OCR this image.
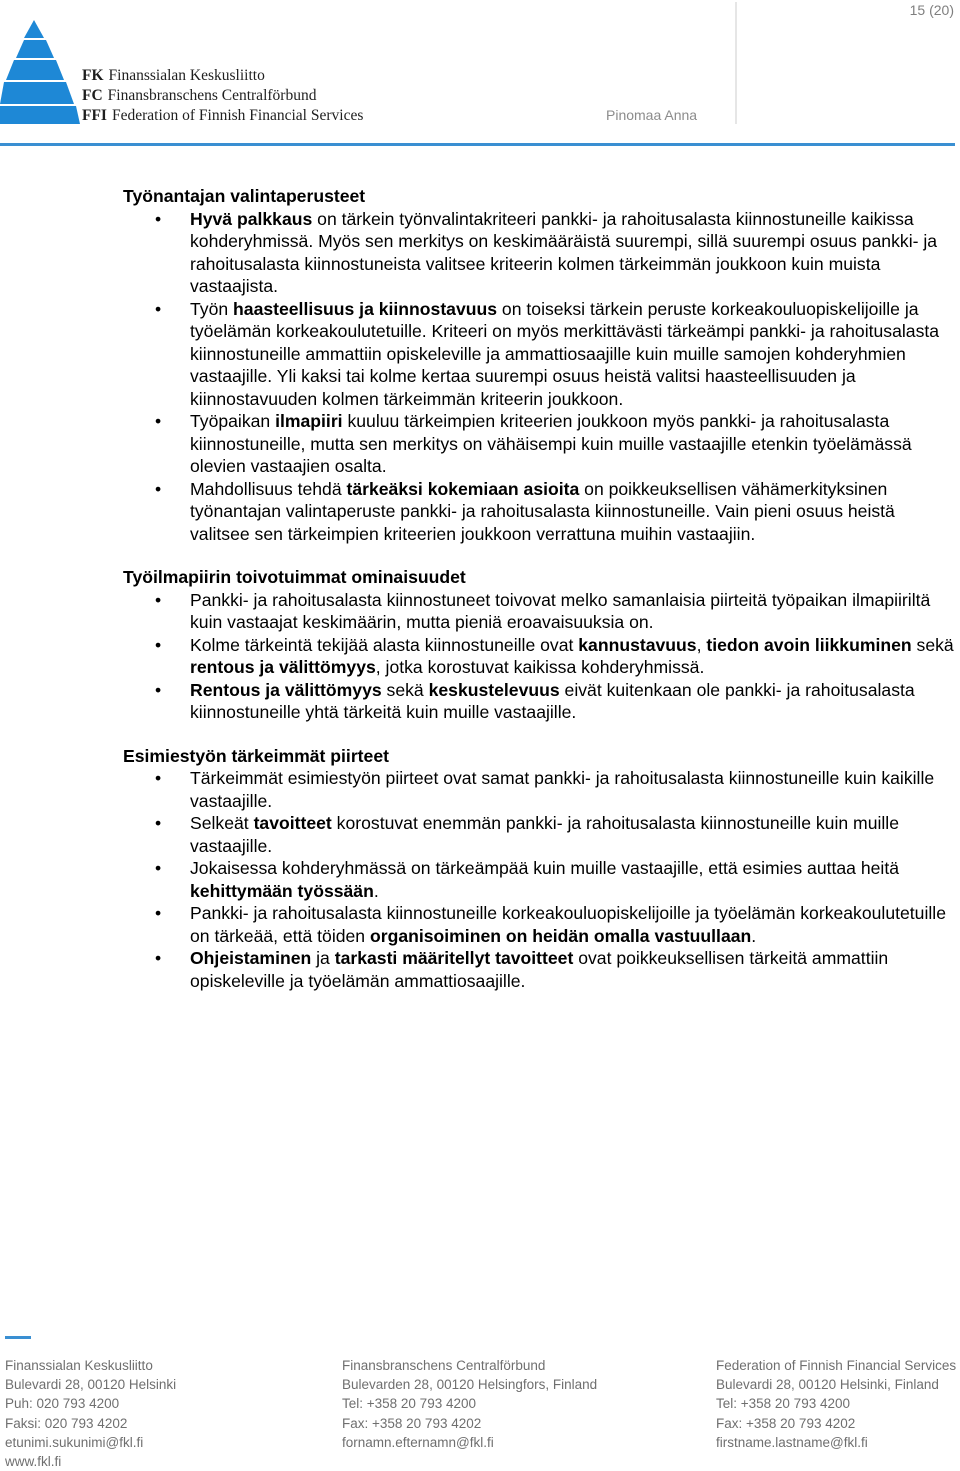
15 (20)
FK Finanssialan Keskusliitto
FC Finansbranschens Centralförbund
FFI Federation of Finnish Financial Services	Pinomaa Anna
Työnantajan valintaperusteet
• Hyvä palkkaus on tärkein työnvalintakriteeri pankki- ja rahoitusalasta kiinnostuneille kaikissa kohderyhmissä. Myös sen merkitys on keskimääräistä suurempi, sillä suurempi osuus pankki- ja rahoitusalasta kiinnostuneista valitsee kriteerin kolmen tärkeimmän joukkoon kuin muista vastaajista.
• Työn haasteellisuus ja kiinnostavuus on toiseksi tärkein peruste korkeakouluopiskelijoille ja työelämän korkeakoulutetuille. Kriteeri on myös merkittävästi tärkeämpi pankki- ja rahoitusalasta kiinnostuneille ammattiin opiskeleville ja ammattiosaajille kuin muille samojen kohderyhmien vastaajille. Yli kaksi tai kolme kertaa suurempi osuus heistä valitsi haasteellisuuden ja kiinnostavuuden kolmen tärkeimmän kriteerin joukkoon.
• Työpaikan ilmapiiri kuuluu tärkeimpien kriteerien joukkoon myös pankki- ja rahoitusalasta kiinnostuneille, mutta sen merkitys on vähäisempi kuin muille vastaajille etenkin työelämässä olevien vastaajien osalta.
• Mahdollisuus tehdä tärkeäksi kokemiaan asioita on poikkeuksellisen vähämerkityksinen työnantajan valintaperuste pankki- ja rahoitusalasta kiinnostuneille. Vain pieni osuus heistä valitsee sen tärkeimpien kriteerien joukkoon verrattuna muihin vastaajiin.
Työilmapiirin toivotuimmat ominaisuudet
• Pankki- ja rahoitusalasta kiinnostuneet toivovat melko samanlaisia piirteitä työpaikan ilmapiiriltä kuin vastaajat keskimäärin, mutta pieniä eroavaisuuksia on.
• Kolme tärkeintä tekijää alasta kiinnostuneille ovat kannustavuus, tiedon avoin liikkuminen sekä rentous ja välittömyys, jotka korostuvat kaikissa kohderyhmissä.
• Rentous ja välittömyys sekä keskustelevuus eivät kuitenkaan ole pankki- ja rahoitusalasta kiinnostuneille yhtä tärkeitä kuin muille vastaajille.
Esimiestyön tärkeimmät piirteet
• Tärkeimmät esimiestyön piirteet ovat samat pankki- ja rahoitusalasta kiinnostuneille kuin kaikille vastaajille.
• Selkeät tavoitteet korostuvat enemmän pankki- ja rahoitusalasta kiinnostuneille kuin muille vastaajille.
• Jokaisessa kohderyhmässä on tärkeämpää kuin muille vastaajille, että esimies auttaa heitä kehittymään työssään.
• Pankki- ja rahoitusalasta kiinnostuneille korkeakouluopiskelijoille ja työelämän korkeakoulutetuille on tärkeää, että töiden organisoiminen on heidän omalla vastuullaan.
• Ohjeistaminen ja tarkasti määritellyt tavoitteet ovat poikkeuksellisen tärkeitä ammattiin opiskeleville ja työelämän ammattiosaajille.
Finanssialan Keskusliitto
Bulevardi 28, 00120 Helsinki
Puh: 020 793 4200
Faksi: 020 793 4202
etunimi.sukunimi@fkl.fi
www.fkl.fi
Finansbranschens Centralförbund
Bulevarden 28, 00120 Helsingfors, Finland
Tel: +358 20 793 4200
Fax: +358 20 793 4202
fornamn.efternamn@fkl.fi
Federation of Finnish Financial Services
Bulevardi 28, 00120 Helsinki, Finland
Tel: +358 20 793 4200
Fax: +358 20 793 4202
firstname.lastname@fkl.fi
